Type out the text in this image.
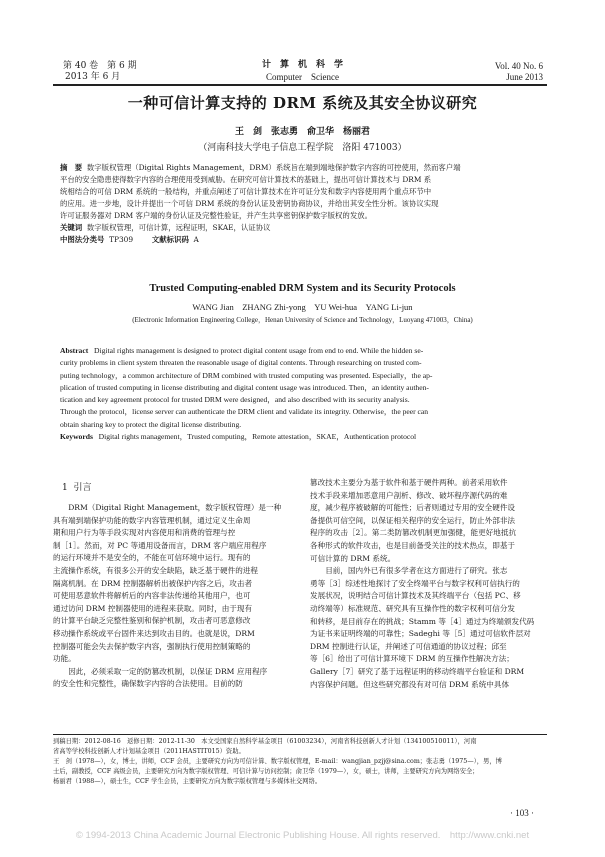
第 40 卷　第 6 期
2013 年 6 月
计　算　机　科　学
Computer　Science
Vol. 40 No. 6
June 2013
一种可信计算支持的 DRM 系统及其安全协议研究
王　剑　张志勇　俞卫华　杨丽君
（河南科技大学电子信息工程学院　洛阳 471003）
摘　要 数字版权管理（Digital Rights Management，DRM）系统旨在端到端地保护数字内容的可控使用，然而客户端
平台的安全隐患使得数字内容的合理使用受到威胁。在研究可信计算技术的基础上，提出可信计算技术与 DRM 系
统相结合的可信 DRM 系统的一般结构，并重点阐述了可信计算技术在许可证分发和数字内容使用两个重点环节中
的应用。进一步地，设计并提出一个可信 DRM 系统的身份认证及密钥协商协议，并给出其安全性分析。该协议实现
许可证服务器对 DRM 客户端的身份认证及完整性验证，并产生共享密钥保护数字版权的发放。
关键词 数字版权管理，可信计算，远程证明，SKAE，认证协议
中图法分类号 TP309	文献标识码 A
Trusted Computing-enabled DRM System and its Security Protocols
WANG Jian　ZHANG Zhi-yong　YU Wei-hua　YANG Li-jun
(Electronic Information Engineering College，Henan University of Science and Technology，Luoyang 471003，China)
Abstract Digital rights management is designed to protect digital content usage from end to end. While the hidden se-
curity problems in client system threaten the reasonable usage of digital contents. Through researching on trusted com-
puting technology，a common architecture of DRM combined with trusted computing was presented. Especially，the ap-
plication of trusted computing in license distributing and digital content usage was introduced. Then，an identity authen-
tication and key agreement protocol for trusted DRM were designed，and also described with its security analysis.
Through the protocol，license server can authenticate the DRM client and validate its integrity. Otherwise，the peer can
obtain sharing key to protect the digital license distributing.
Keywords Digital rights management，Trusted computing，Remote attestation，SKAE，Authentication protocol
1 引言

DRM（Digital Right Management，数字版权管理）是一种

具有端到端保护功能的数字内容管理机制，通过定义生命周
期和用户行为等手段实现对内容使用和消费的管理与控
制［1］。然而，对 PC 等通用设备而言，DRM 客户端应用程序
的运行环境并不是安全的，不能在可信环境中运行。现有的
主流操作系统，有很多公开的安全缺陷，缺乏基于硬件的进程
隔离机制。在 DRM 控制器解析出被保护内容之后，攻击者
可使用恶意软件将解析后的内容非法传递给其他用户，也可
通过访问 DRM 控制器使用的进程来获取。同时，由于现有
的计算平台缺乏完整性鉴别和保护机制，攻击者可恶意修改
移动操作系统或平台固件来达到攻击目的。也就是说，DRM
控制器可能会失去保护数字内容，强制执行使用控制策略的
功能。

因此，必须采取一定的防篡改机制，以保证 DRM 应用程序

的安全性和完整性，确保数字内容的合法使用。目前的防
篡改技术主要分为基于软件和基于硬件两种。前者采用软件
技术手段来增加恶意用户剖析、修改、破坏程序源代码的难
度，减少程序被破解的可能性；后者则通过专用的安全硬件设
备提供可信空间，以保证相关程序的安全运行，防止外部非法
程序的攻击［2］。第二类防篡改机制更加强健，能更好地抵抗
各种形式的软件攻击，也是目前备受关注的技术热点，即基于
可信计算的 DRM 系统。

目前，国内外已有很多学者在这方面进行了研究。张志

勇等［3］综述性地探讨了安全终端平台与数字权利可信执行的
发展状况，说明结合可信计算技术及其终端平台（包括 PC、移
动终端等）标准规范、研究具有互操作性的数字权利可信分发
和转移，是目前存在的挑战；Stamm 等［4］通过为终端颁发代码
为证书来证明终端的可靠性；Sadeghi 等［5］通过可信软件层对
DRM 控制进行认证，并阐述了可信通道的协议过程；邱至
等［6］给出了可信计算环境下 DRM 的互操作性解决方法；
Gallery［7］研究了基于远程证明的移动终端平台验证和 DRM
内容保护问题。但这些研究都没有对可信 DRM 系统中具体
到稿日期：2012-08-16　返修日期：2012-11-30　本文受国家自然科学基金项目（61003234），河南省科技创新人才计划（134100510011），河南
省高等学校科技创新人才计划基金项目（2011HASTIT015）资助。
王　剑（1978—），女，博士，讲师，CCF 会员，主要研究方向为可信计算、数字版权管理，E-mail：wangjian_pzjj@sina.com；张志勇（1975—），男，博
士后，副教授，CCF 高级会员，主要研究方向为数字版权管理、可信计算与访问控制；俞卫华（1979—），女，硕士，讲师，主要研究方向为网络安全；
杨丽君（1988—），硕士生，CCF 学生会员，主要研究方向为数字版权管理与多媒体社交网络。
· 103 ·
© 1994-2013 China Academic Journal Electronic Publishing House. All rights reserved.　http://www.cnki.net
